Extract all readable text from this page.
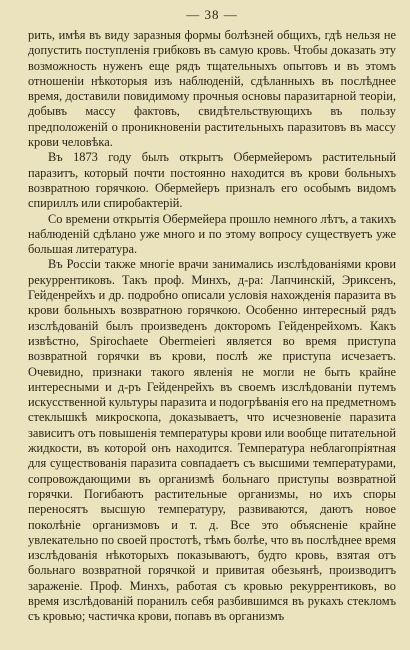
— 38 —

рить, имѣя въ виду заразныя формы болѣзней общихъ, гдѣ нельзя не допустить поступленія грибковъ въ самую кровь. Чтобы доказать эту возможность нуженъ еще рядъ тщательныхъ опытовъ и въ этомъ отношеніи нѣкоторыя изъ наблюденій, сдѣланныхъ въ послѣднее время, доставили повидимому прочныя основы паразитарной теоріи, добывъ массу фактовъ, свидѣтельствующихъ въ пользу предположеній о проникновеніи растительныхъ паразитовъ въ массу крови человѣка.

Въ 1873 году былъ открытъ Обермейеромъ растительный паразитъ, который почти постоянно находится въ крови больныхъ возвратною горячкою. Обермейеръ призналъ его особымъ видомъ спириллъ или спиробактерій.

Со времени открытія Обермейера прошло немного лѣтъ, а такихъ наблюденій сдѣлано уже много и по этому вопросу существуетъ уже большая литература.

Въ Россіи также многіе врачи занимались изслѣдованіями крови рекуррентиковъ. Такъ проф. Минхъ, д-ра: Лапчинскій, Эриксенъ, Гейденрейхъ и др. подробно описали условія нахожденія паразита въ крови больныхъ возвратною горячкою. Особенно интересный рядъ изслѣдованій былъ произведенъ докторомъ Гейденрейхомъ. Какъ извѣстно, Spirochaete Obermeieri является во время приступа возвратной горячки въ крови, послѣ же приступа исчезаетъ. Очевидно, признаки такого явленія не могли не быть крайне интересными и д-ръ Гейденрейхъ въ своемъ изслѣдованіи путемъ искусственной культуры паразита и подогрѣванія его на предметномъ стеклышкѣ микроскопа, доказываетъ, что исчезновеніе паразита зависитъ отъ повышенія температуры крови или вообще питательной жидкости, въ которой онъ находится. Температура неблагопріятная для существованія паразита совпадаетъ съ высшими температурами, сопровождающими въ организмѣ больнаго приступы возвратной горячки. Погибаютъ растительные организмы, но ихъ споры переносятъ высшую температуру, развиваются, даютъ новое поколѣніе организмовъ и т. д. Все это объясненіе крайне увлекательно по своей простотѣ, тѣмъ болѣе, что въ послѣднее время изслѣдованія нѣкоторыхъ показываютъ, будто кровь, взятая отъ больнаго возвратной горячкой и привитая обезьянѣ, производитъ зараженіе. Проф. Минхъ, работая съ кровью рекуррентиковъ, во время изслѣдованій поранилъ себя разбившимся въ рукахъ стекломъ съ кровью; частичка крови, попавъ въ организмъ
